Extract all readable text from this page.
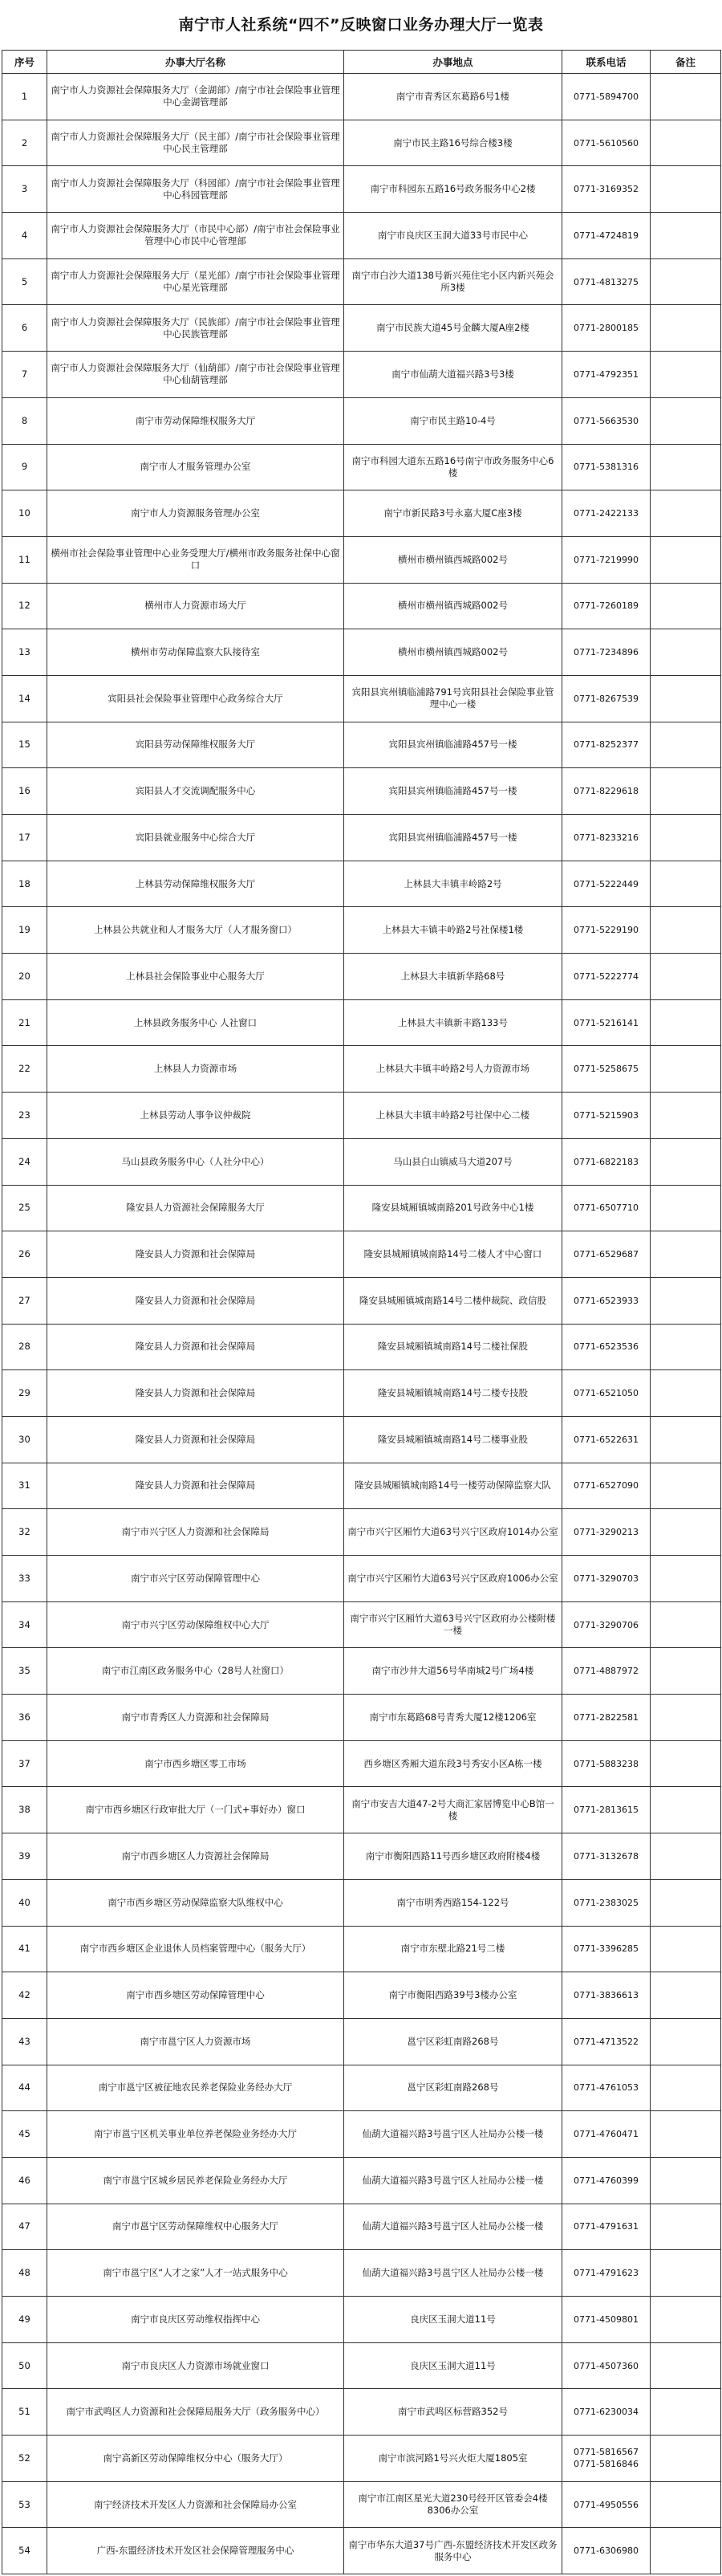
南宁市人社系统“四不”反映窗口业务办理大厅一览表
序号	办事大厅名称	办事地点	联系电话	备注
1	南宁市人力资源社会保障服务大厅（金湖部）/南宁市社会保险事业管理中心金湖管理部	南宁市青秀区东葛路6号1楼	0771-5894700	
2	南宁市人力资源社会保障服务大厅（民主部）/南宁市社会保险事业管理中心民主管理部	南宁市民主路16号综合楼3楼	0771-5610560	
3	南宁市人力资源社会保障服务大厅（科园部）/南宁市社会保险事业管理中心科园管理部	南宁市科园东五路16号政务服务中心2楼	0771-3169352	
4	南宁市人力资源社会保障服务大厅（市民中心部）/南宁市社会保险事业管理中心市民中心管理部	南宁市良庆区玉洞大道33号市民中心	0771-4724819	
5	南宁市人力资源社会保障服务大厅（星光部）/南宁市社会保险事业管理中心星光管理部	南宁市白沙大道138号新兴苑住宅小区内新兴苑会所3楼	0771-4813275	
6	南宁市人力资源社会保障服务大厅（民族部）/南宁市社会保险事业管理中心民族管理部	南宁市民族大道45号金麟大厦A座2楼	0771-2800185	
7	南宁市人力资源社会保障服务大厅（仙葫部）/南宁市社会保险事业管理中心仙葫管理部	南宁市仙葫大道福兴路3号3楼	0771-4792351	
8	南宁市劳动保障维权服务大厅	南宁市民主路10-4号	0771-5663530	
9	南宁市人才服务管理办公室	南宁市科园大道东五路16号南宁市政务服务中心6楼	0771-5381316	
10	南宁市人力资源服务管理办公室	南宁市新民路3号永嘉大厦C座3楼	0771-2422133	
11	横州市社会保险事业管理中心业务受理大厅/横州市政务服务社保中心窗口	横州市横州镇西城路002号	0771-7219990	
12	横州市人力资源市场大厅	横州市横州镇西城路002号	0771-7260189	
13	横州市劳动保障监察大队接待室	横州市横州镇西城路002号	0771-7234896	
14	宾阳县社会保险事业管理中心政务综合大厅	宾阳县宾州镇临浦路791号宾阳县社会保险事业管理中心一楼	0771-8267539	
15	宾阳县劳动保障维权服务大厅	宾阳县宾州镇临浦路457号一楼	0771-8252377	
16	宾阳县人才交流调配服务中心	宾阳县宾州镇临浦路457号一楼	0771-8229618	
17	宾阳县就业服务中心综合大厅	宾阳县宾州镇临浦路457号一楼	0771-8233216	
18	上林县劳动保障维权服务大厅	上林县大丰镇丰岭路2号	0771-5222449	
19	上林县公共就业和人才服务大厅（人才服务窗口）	上林县大丰镇丰岭路2号社保楼1楼	0771-5229190	
20	上林县社会保险事业中心服务大厅	上林县大丰镇新华路68号	0771-5222774	
21	上林县政务服务中心 人社窗口	上林县大丰镇新丰路133号	0771-5216141	
22	上林县人力资源市场	上林县大丰镇丰岭路2号人力资源市场	0771-5258675	
23	上林县劳动人事争议仲裁院	上林县大丰镇丰岭路2号社保中心二楼	0771-5215903	
24	马山县政务服务中心（人社分中心）	马山县白山镇威马大道207号	0771-6822183	
25	隆安县人力资源社会保障服务大厅	隆安县城厢镇城南路201号政务中心1楼	0771-6507710	
26	隆安县人力资源和社会保障局	隆安县城厢镇城南路14号二楼人才中心窗口	0771-6529687	
27	隆安县人力资源和社会保障局	隆安县城厢镇城南路14号二楼仲裁院、政信股	0771-6523933	
28	隆安县人力资源和社会保障局	隆安县城厢镇城南路14号二楼社保股	0771-6523536	
29	隆安县人力资源和社会保障局	隆安县城厢镇城南路14号二楼专技股	0771-6521050	
30	隆安县人力资源和社会保障局	隆安县城厢镇城南路14号二楼事业股	0771-6522631	
31	隆安县人力资源和社会保障局	隆安县城厢镇城南路14号一楼劳动保障监察大队	0771-6527090	
32	南宁市兴宁区人力资源和社会保障局	南宁市兴宁区厢竹大道63号兴宁区政府1014办公室	0771-3290213	
33	南宁市兴宁区劳动保障管理中心	南宁市兴宁区厢竹大道63号兴宁区政府1006办公室	0771-3290703	
34	南宁市兴宁区劳动保障维权中心大厅	南宁市兴宁区厢竹大道63号兴宁区政府办公楼附楼一楼	0771-3290706	
35	南宁市江南区政务服务中心（28号人社窗口）	南宁市沙井大道56号华南城2号广场4楼	0771-4887972	
36	南宁市青秀区人力资源和社会保障局	南宁市东葛路68号青秀大厦12楼1206室	0771-2822581	
37	南宁市西乡塘区零工市场	西乡塘区秀厢大道东段3号秀安小区A栋一楼	0771-5883238	
38	南宁市西乡塘区行政审批大厅（一门式+事好办）窗口	南宁市安吉大道47-2号大商汇家居博览中心B馆一楼	0771-2813615	
39	南宁市西乡塘区人力资源社会保障局	南宁市衡阳西路11号西乡塘区政府附楼4楼	0771-3132678	
40	南宁市西乡塘区劳动保障监察大队维权中心	南宁市明秀西路154-122号	0771-2383025	
41	南宁市西乡塘区企业退休人员档案管理中心（服务大厅）	南宁市东壁北路21号二楼	0771-3396285	
42	南宁市西乡塘区劳动保障管理中心	南宁市衡阳西路39号3楼办公室	0771-3836613	
43	南宁市邕宁区人力资源市场	邕宁区彩虹南路268号	0771-4713522	
44	南宁市邕宁区被征地农民养老保险业务经办大厅	邕宁区彩虹南路268号	0771-4761053	
45	南宁市邕宁区机关事业单位养老保险业务经办大厅	仙葫大道福兴路3号邕宁区人社局办公楼一楼	0771-4760471	
46	南宁市邕宁区城乡居民养老保险业务经办大厅	仙葫大道福兴路3号邕宁区人社局办公楼一楼	0771-4760399	
47	南宁市邕宁区劳动保障维权中心服务大厅	仙葫大道福兴路3号邕宁区人社局办公楼一楼	0771-4791631	
48	南宁市邕宁区“人才之家”人才一站式服务中心	仙葫大道福兴路3号邕宁区人社局办公楼一楼	0771-4791623	
49	南宁市良庆区劳动维权指挥中心	良庆区玉洞大道11号	0771-4509801	
50	南宁市良庆区人力资源市场就业窗口	良庆区玉洞大道11号	0771-4507360	
51	南宁市武鸣区人力资源和社会保障局服务大厅（政务服务中心）	南宁市武鸣区标营路352号	0771-6230034	
52	南宁高新区劳动保障维权分中心（服务大厅）	南宁市滨河路1号兴火炬大厦1805室	0771-5816567
0771-5816846	
53	南宁经济技术开发区人力资源和社会保障局办公室	南宁市江南区星光大道230号经开区管委会4楼8306办公室	0771-4950556	
54	广西-东盟经济技术开发区社会保障管理服务中心	南宁市华东大道37号广西-东盟经济技术开发区政务服务中心	0771-6306980	
